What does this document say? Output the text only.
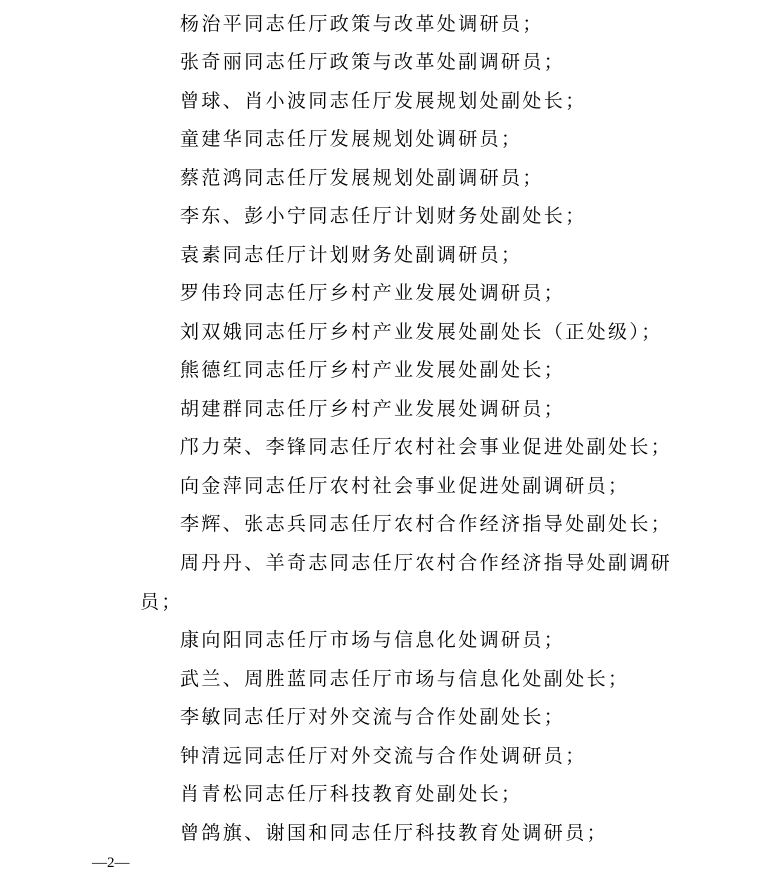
杨治平同志任厅政策与改革处调研员；
张奇丽同志任厅政策与改革处副调研员；
曾球、肖小波同志任厅发展规划处副处长；
童建华同志任厅发展规划处调研员；
蔡范鸿同志任厅发展规划处副调研员；
李东、彭小宁同志任厅计划财务处副处长；
袁素同志任厅计划财务处副调研员；
罗伟玲同志任厅乡村产业发展处调研员；
刘双娥同志任厅乡村产业发展处副处长（正处级）；
熊德红同志任厅乡村产业发展处副处长；
胡建群同志任厅乡村产业发展处调研员；
邝力荣、李锋同志任厅农村社会事业促进处副处长；
向金萍同志任厅农村社会事业促进处副调研员；
李辉、张志兵同志任厅农村合作经济指导处副处长；
周丹丹、羊奇志同志任厅农村合作经济指导处副调研
员；
康向阳同志任厅市场与信息化处调研员；
武兰、周胜蓝同志任厅市场与信息化处副处长；
李敏同志任厅对外交流与合作处副处长；
钟清远同志任厅对外交流与合作处调研员；
肖青松同志任厅科技教育处副处长；
曾鸽旗、谢国和同志任厅科技教育处调研员；
—2—
